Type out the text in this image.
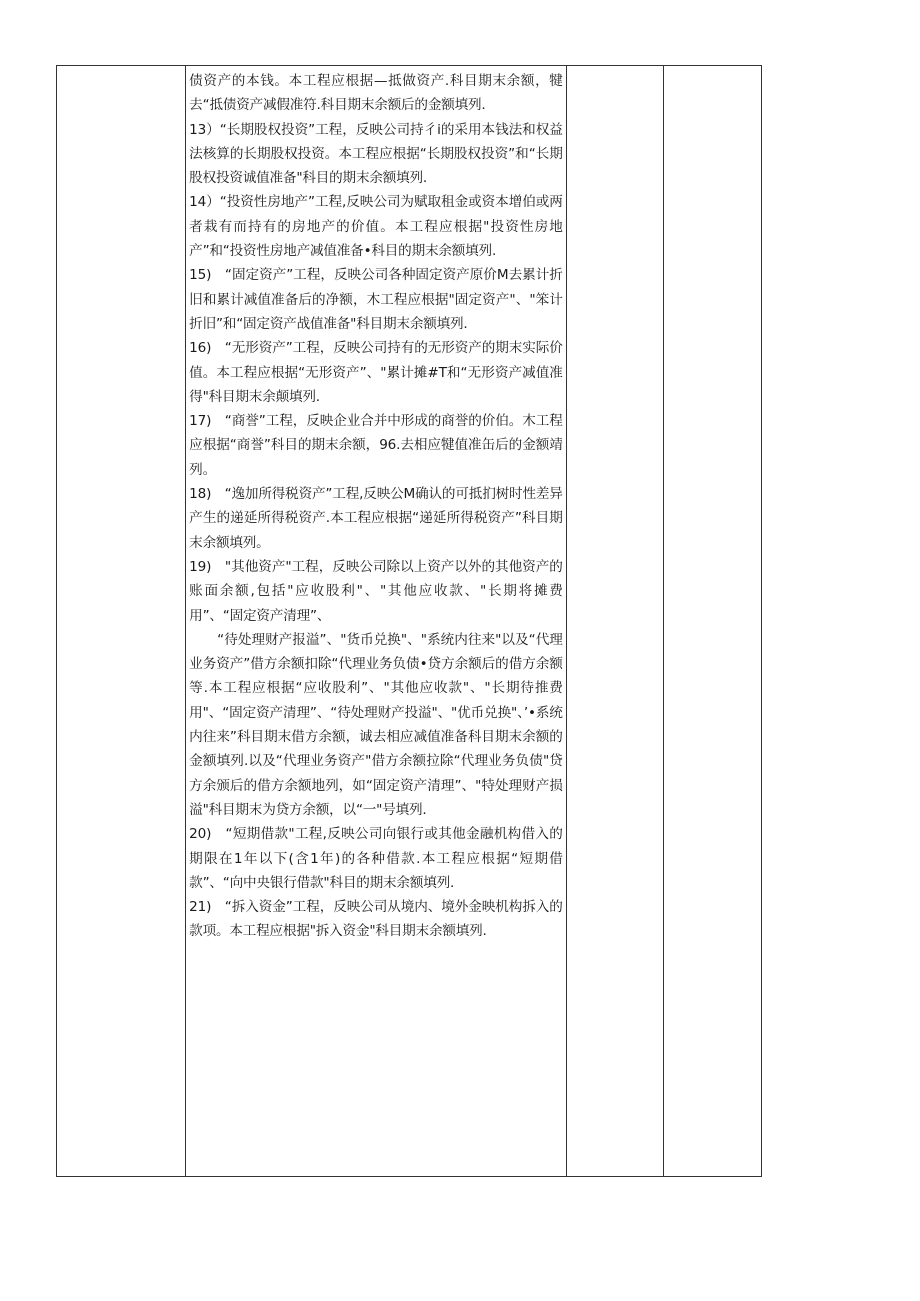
债资产的本钱。本工程应根据—抵做资产.科目期末余额，犍去“抵债资产减假准符.科目期末余额后的金额填列.

13）“长期股权投资”工程，反映公司持彳i的采用本钱法和权益法核算的长期股权投资。本工程应根据“长期股权投资”和“长期股权投资诚值准备"科目的期末余额填列.

14）“投资性房地产”工程,反映公司为赋取租金或资本增伯或两者栽有而持有的房地产的价值。本工程应根据"投资性房地产”和“投资性房地产减值准备•科目的期末余额填列.

15)　“固定资产”工程，反映公司各种固定资产原价M去累计折旧和累计减值准备后的净额，木工程应根据"固定资产"、"笨计折旧”和“固定资产战值准备"科目期末余额填列.

16)　“无形资产”工程，反映公司持有的无形资产的期末实际价值。本工程应根据“无形资产”、"累计摊#T和“无形资产减值准得"科目期末余颠填列.

17)　“商誉”工程，反映企业合并中形成的商誉的价伯。木工程应根据“商誉”科目的期末余额，96.去相应犍值准缶后的金额靖列。

18)　“逸加所得税资产”工程,反映公M确认的可抵扪树时性差异产生的递延所得税资产.本工程应根据“递延所得税资产”科目期末余额填列。

19)　"其他资产"工程，反映公司除以上资产以外的其他资产的账面余额,包括"应收股利"、"其他应收款、"长期将摊费用”、“固定资产清理”、

“待处理财产报溢”、"货币兑换"、"系统内往来"以及“代理业务资产”借方余额扣除“代理业务负债•贷方余额后的借方余额等.本工程应根据“应收股利”、"其他应收款"、"长期待推费用"、“固定资产清理”、“待处理财产投溢"、"优币兑换"、’•系统内往来”科目期末借方余额，诚去相应减值准备科目期末余额的金额填列.以及“代理业务资产"借方余额拉除“代理业务负债"贷方余颁后的借方余额地列，如“固定资产清理”、"特处理财产损溢"科目期末为贷方余额，以“一"号填列.

20)　“短期借款"工程,反映公司向银行或其他金融机构借入的期限在1年以下(含1年)的各种借款.本工程应根据“短期借款”、“向中央银行借款"科目的期末余额填列.

21)　“拆入资金”工程，反映公司从境内、境外金映机构拆入的款项。本工程应根据"拆入资金"科目期末余额填列.
